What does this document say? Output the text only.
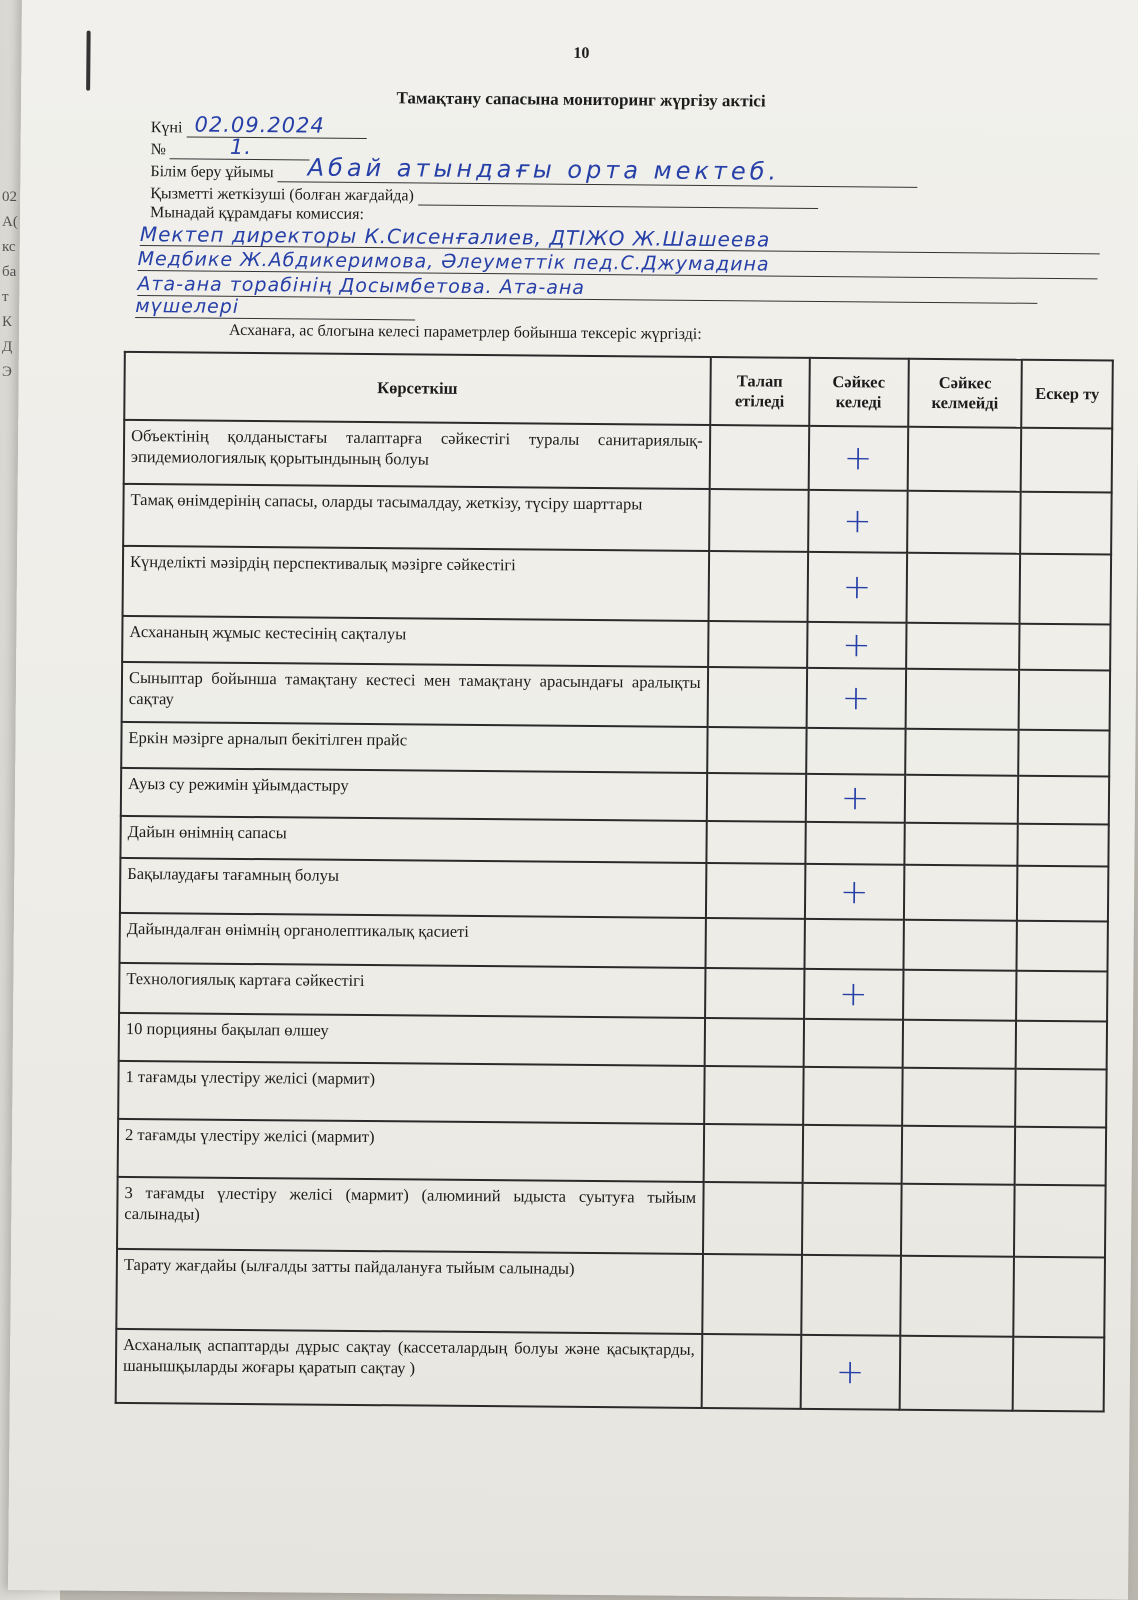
02
А(
кс
ба
т
К
Д
Э
10
Тамақтану сапасына мониторинг жүргізу актісі
Күні 02.09.2024
№	1.
Білім беру ұйымы Абай атындағы орта мектеб.
Қызметті жеткізуші (болған жағдайда)
Мынадай құрамдағы комиссия:
Мектеп директоры К.Сисенғалиев, ДТІЖО Ж.Шашеева
Медбике Ж.Абдикеримова, Әлеуметтік пед.С.Джумадина
Ата-ана торабінің Досымбетова. Ата-ана
мүшелері
Асханаға, ас блогына келесі параметрлер бойынша тексеріс жүргізді:
Көрсеткіш	Талап етіледі	Сәйкес келеді	Сәйкес келмейді	Ескер ту
Объектінің қолданыстағы талаптарға сәйкестігі туралы санитариялық-эпидемиологиялық қорытындының болуы		+		
Тамақ өнімдерінің сапасы, оларды тасымалдау, жеткізу, түсіру шарттары		+		
Күнделікті мәзірдің перспективалық мәзірге сәйкестігі		+		
Асхананың жұмыс кестесінің сақталуы		+		
Сыныптар бойынша тамақтану кестесі мен тамақтану арасындағы аралықты сақтау		+		
Еркін мәзірге арналып бекітілген прайс				
Ауыз су режимін ұйымдастыру		+		
Дайын өнімнің сапасы				
Бақылаудағы тағамның болуы		+		
Дайындалған өнімнің органолептикалық қасиеті				
Технологиялық картаға сәйкестігі		+		
10 порцияны бақылап өлшеу				
1 тағамды үлестіру желісі (мармит)				
2 тағамды үлестіру желісі (мармит)				
3 тағамды үлестіру желісі (мармит) (алюминий ыдыста суытуға тыйым салынады)				
Тарату жағдайы (ылғалды затты пайдалануға тыйым салынады)				
Асханалық аспаптарды дұрыс сақтау (кассеталардың болуы және қасықтарды, шанышқыларды жоғары қаратып сақтау )		+		
